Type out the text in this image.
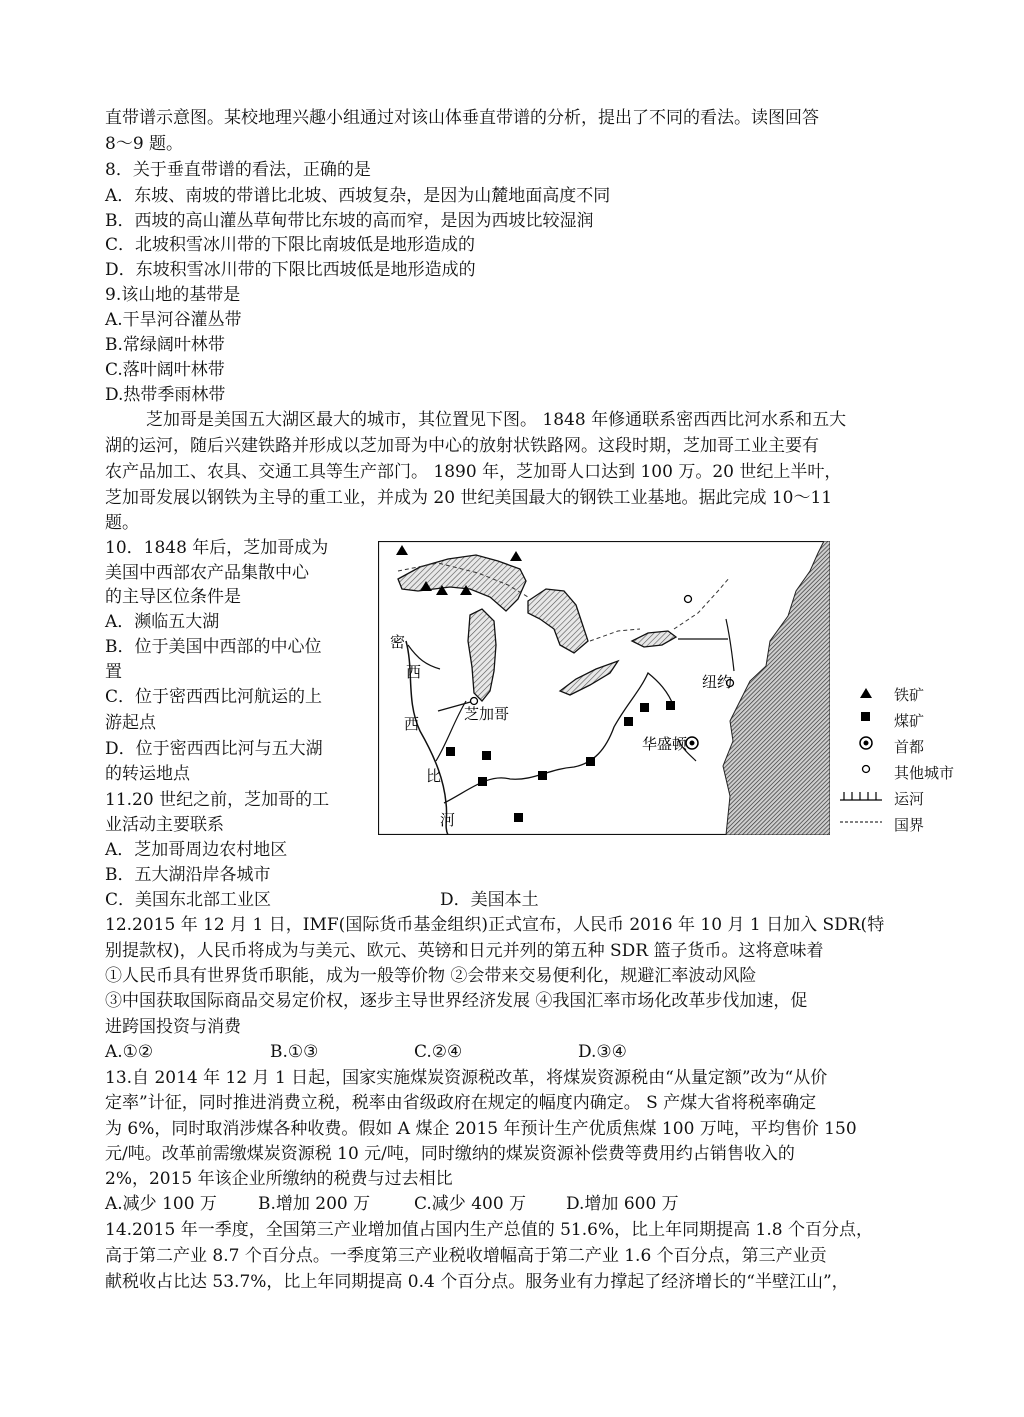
直带谱示意图。某校地理兴趣小组通过对该山体垂直带谱的分析，提出了不同的看法。读图回答
8～9 题。
8．关于垂直带谱的看法，正确的是
A．东坡、南坡的带谱比北坡、西坡复杂，是因为山麓地面高度不同
B．西坡的高山灌丛草甸带比东坡的高而窄，是因为西坡比较湿润
C．北坡积雪冰川带的下限比南坡低是地形造成的
D．东坡积雪冰川带的下限比西坡低是地形造成的
9.该山地的基带是
A.干旱河谷灌丛带
B.常绿阔叶林带
C.落叶阔叶林带
D.热带季雨林带
芝加哥是美国五大湖区最大的城市，其位置见下图。 1848 年修通联系密西西比河水系和五大
湖的运河，随后兴建铁路并形成以芝加哥为中心的放射状铁路网。这段时期，芝加哥工业主要有
农产品加工、农具、交通工具等生产部门。 1890 年，芝加哥人口达到 100 万。20 世纪上半叶，
芝加哥发展以钢铁为主导的重工业，并成为 20 世纪美国最大的钢铁工业基地。据此完成 10～11
题。
10．1848 年后，芝加哥成为
美国中西部农产品集散中心
的主导区位条件是
A．濒临五大湖
B．位于美国中西部的中心位
置
C．位于密西西比河航运的上
游起点
D．位于密西西比河与五大湖
的转运地点
11.20 世纪之前，芝加哥的工
业活动主要联系
A．芝加哥周边农村地区
B．五大湖沿岸各城市
C．美国东北部工业区	D．美国本土
密
西
西
比
河
芝加哥
纽约
华盛顿
铁矿
煤矿
首都
其他城市
运河
国界
12.2015 年 12 月 1 日，IMF(国际货币基金组织)正式宣布，人民币 2016 年 10 月 1 日加入 SDR(特
别提款权)，人民币将成为与美元、欧元、英镑和日元并列的第五种 SDR 篮子货币。这将意味着
①人民币具有世界货币职能，成为一般等价物 ②会带来交易便利化，规避汇率波动风险
③中国获取国际商品交易定价权，逐步主导世界经济发展 ④我国汇率市场化改革步伐加速，促
进跨国投资与消费
A.①②	B.①③	C.②④	D.③④
13.自 2014 年 12 月 1 日起，国家实施煤炭资源税改革，将煤炭资源税由“从量定额”改为“从价
定率”计征，同时推进消费立税，税率由省级政府在规定的幅度内确定。 S 产煤大省将税率确定
为 6%，同时取消涉煤各种收费。假如 A 煤企 2015 年预计生产优质焦煤 100 万吨，平均售价 150
元/吨。改革前需缴煤炭资源税 10 元/吨，同时缴纳的煤炭资源补偿费等费用约占销售收入的
2%，2015 年该企业所缴纳的税费与过去相比
A.减少 100 万 B.增加 200 万	C.减少 400 万 D.增加 600 万
14.2015 年一季度，全国第三产业增加值占国内生产总值的 51.6%，比上年同期提高 1.8 个百分点，
高于第二产业 8.7 个百分点。一季度第三产业税收增幅高于第二产业 1.6 个百分点，第三产业贡
献税收占比达 53.7%，比上年同期提高 0.4 个百分点。服务业有力撑起了经济增长的“半壁江山”，
